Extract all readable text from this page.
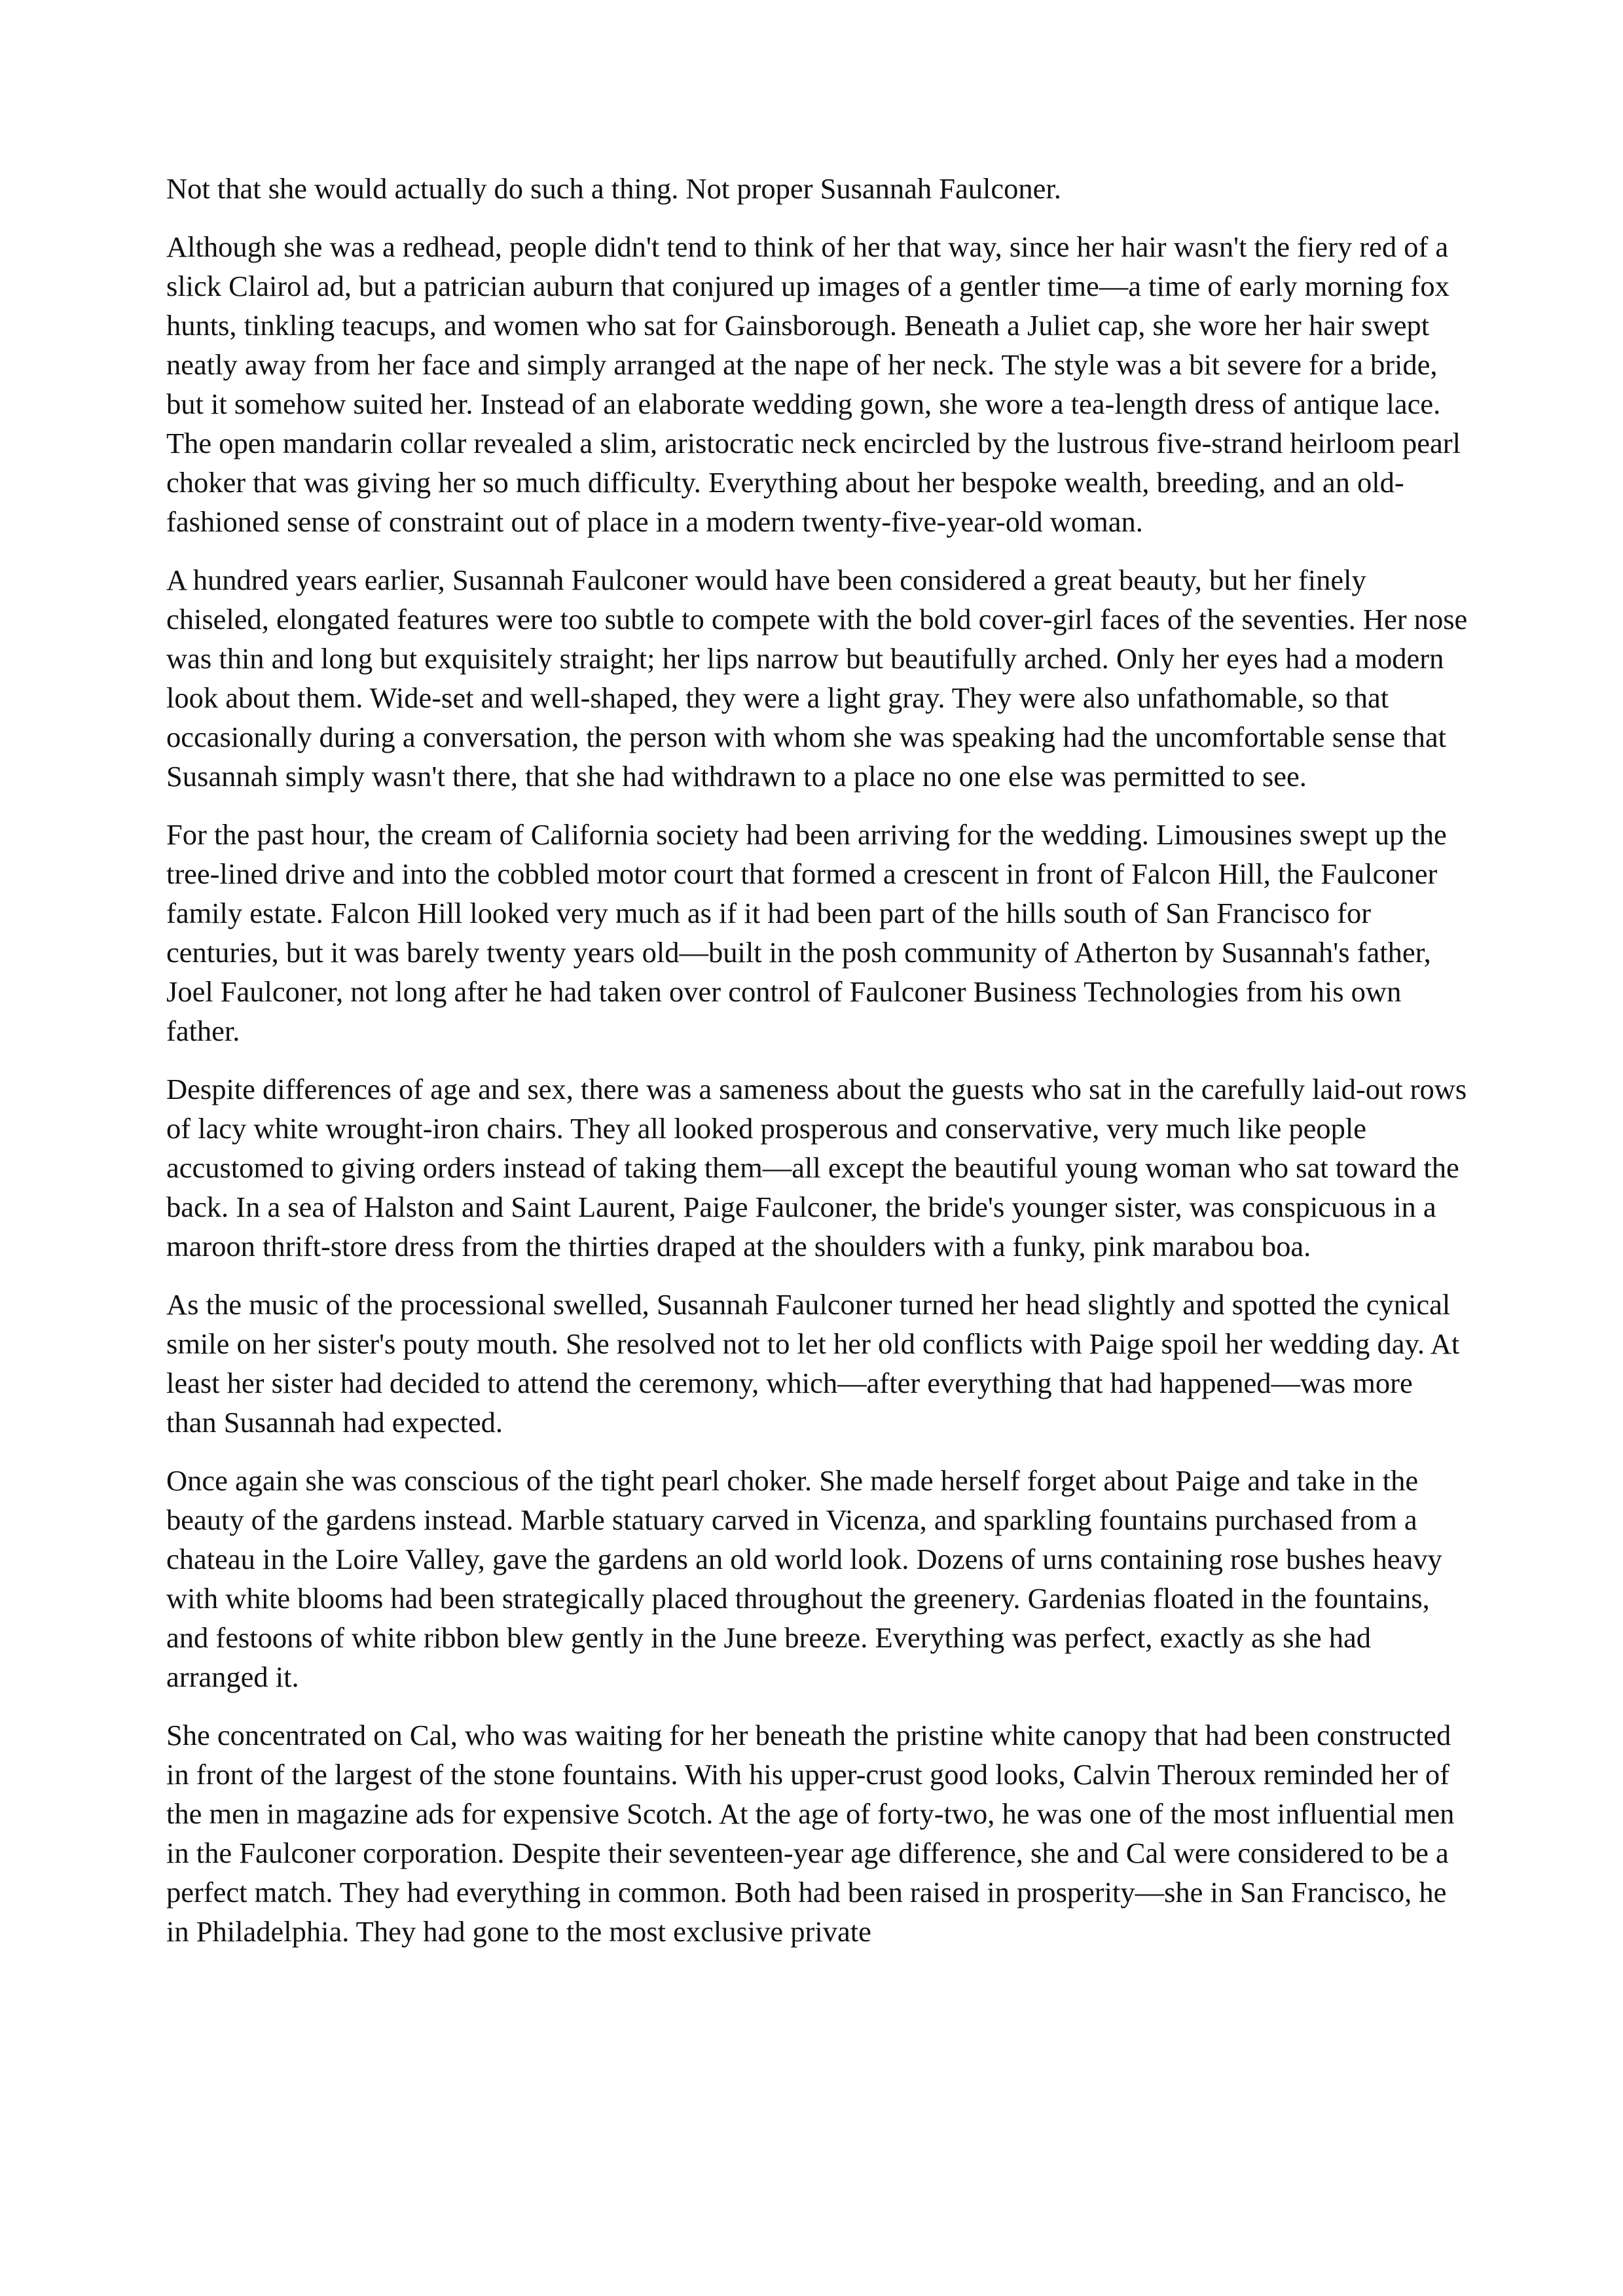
Not that she would actually do such a thing. Not proper Susannah Faulconer.

Although she was a redhead, people didn't tend to think of her that way, since her hair wasn't the fiery red of a slick Clairol ad, but a patrician auburn that conjured up images of a gentler time—a time of early morning fox hunts, tinkling teacups, and women who sat for Gainsborough. Beneath a Juliet cap, she wore her hair swept neatly away from her face and simply arranged at the nape of her neck. The style was a bit severe for a bride, but it somehow suited her. Instead of an elaborate wedding gown, she wore a tea-length dress of antique lace. The open mandarin collar revealed a slim, aristocratic neck encircled by the lustrous five-strand heirloom pearl choker that was giving her so much difficulty. Everything about her bespoke wealth, breeding, and an old-fashioned sense of constraint out of place in a modern twenty-five-year-old woman.

A hundred years earlier, Susannah Faulconer would have been considered a great beauty, but her finely chiseled, elongated features were too subtle to compete with the bold cover-girl faces of the seventies. Her nose was thin and long but exquisitely straight; her lips narrow but beautifully arched. Only her eyes had a modern look about them. Wide-set and well-shaped, they were a light gray. They were also unfathomable, so that occasionally during a conversation, the person with whom she was speaking had the uncomfortable sense that Susannah simply wasn't there, that she had withdrawn to a place no one else was permitted to see.

For the past hour, the cream of California society had been arriving for the wedding. Limousines swept up the tree-lined drive and into the cobbled motor court that formed a crescent in front of Falcon Hill, the Faulconer family estate. Falcon Hill looked very much as if it had been part of the hills south of San Francisco for centuries, but it was barely twenty years old—built in the posh community of Atherton by Susannah's father, Joel Faulconer, not long after he had taken over control of Faulconer Business Technologies from his own father.

Despite differences of age and sex, there was a sameness about the guests who sat in the carefully laid-out rows of lacy white wrought-iron chairs. They all looked prosperous and conservative, very much like people accustomed to giving orders instead of taking them—all except the beautiful young woman who sat toward the back. In a sea of Halston and Saint Laurent, Paige Faulconer, the bride's younger sister, was conspicuous in a maroon thrift-store dress from the thirties draped at the shoulders with a funky, pink marabou boa.

As the music of the processional swelled, Susannah Faulconer turned her head slightly and spotted the cynical smile on her sister's pouty mouth. She resolved not to let her old conflicts with Paige spoil her wedding day. At least her sister had decided to attend the ceremony, which—after everything that had happened—was more than Susannah had expected.

Once again she was conscious of the tight pearl choker. She made herself forget about Paige and take in the beauty of the gardens instead. Marble statuary carved in Vicenza, and sparkling fountains purchased from a chateau in the Loire Valley, gave the gardens an old world look. Dozens of urns containing rose bushes heavy with white blooms had been strategically placed throughout the greenery. Gardenias floated in the fountains, and festoons of white ribbon blew gently in the June breeze. Everything was perfect, exactly as she had arranged it.

She concentrated on Cal, who was waiting for her beneath the pristine white canopy that had been constructed in front of the largest of the stone fountains. With his upper-crust good looks, Calvin Theroux reminded her of the men in magazine ads for expensive Scotch. At the age of forty-two, he was one of the most influential men in the Faulconer corporation. Despite their seventeen-year age difference, she and Cal were considered to be a perfect match. They had everything in common. Both had been raised in prosperity—she in San Francisco, he in Philadelphia. They had gone to the most exclusive private
